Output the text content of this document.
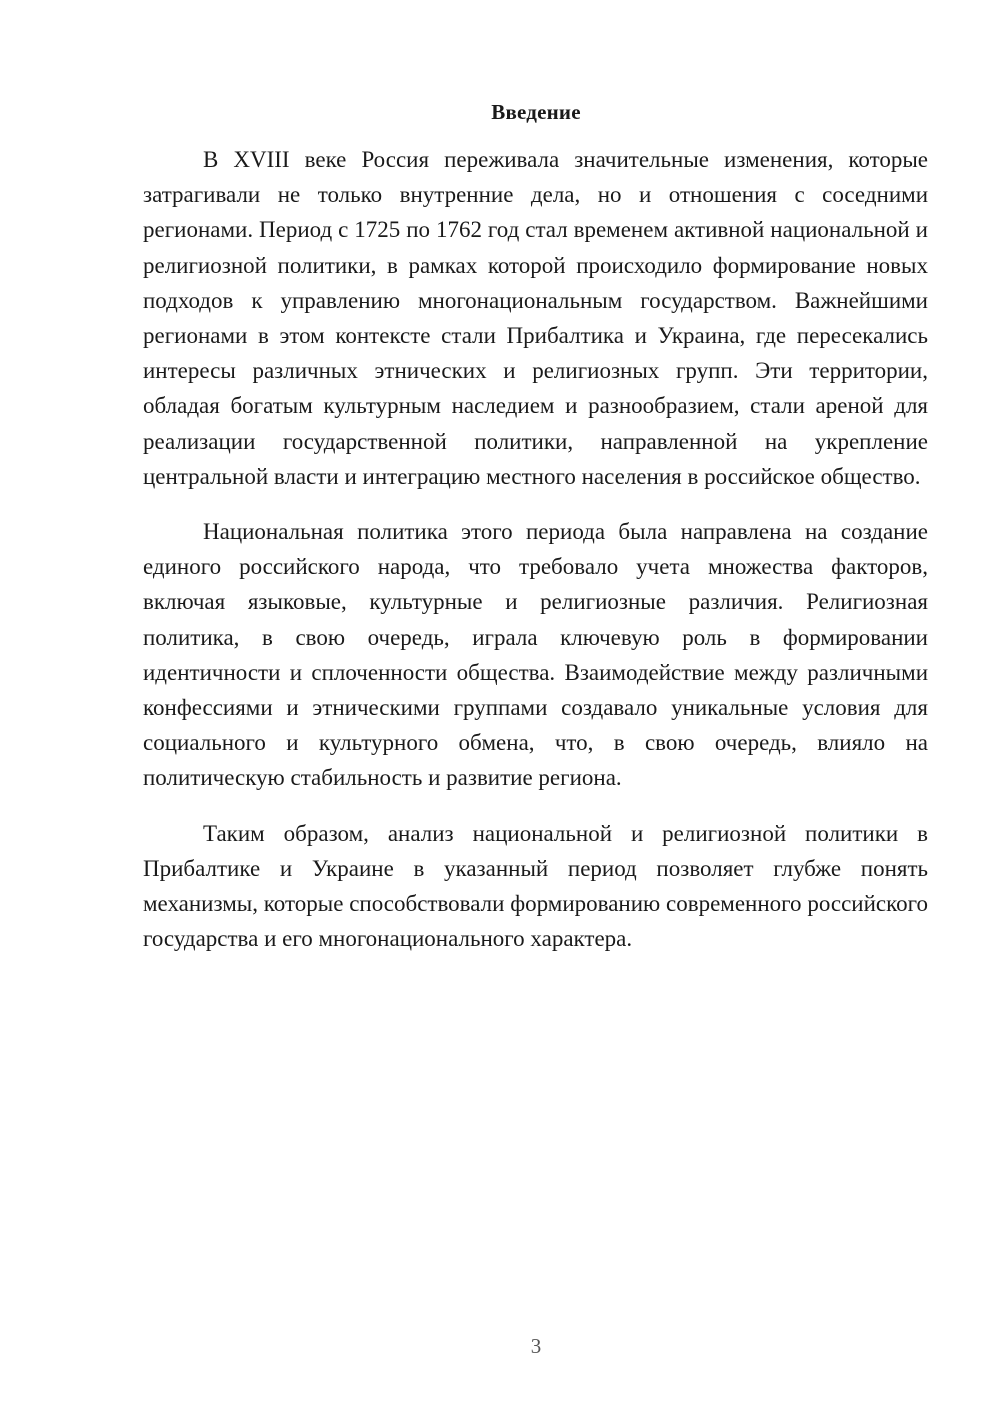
Введение

В XVIII веке Россия переживала значительные изменения, которые затрагивали не только внутренние дела, но и отношения с соседними регионами. Период с 1725 по 1762 год стал временем активной национальной и религиозной политики, в рамках которой происходило формирование новых подходов к управлению многонациональным государством. Важнейшими регионами в этом контексте стали Прибалтика и Украина, где пересекались интересы различных этнических и религиозных групп. Эти территории, обладая богатым культурным наследием и разнообразием, стали ареной для реализации государственной политики, направленной на укрепление центральной власти и интеграцию местного населения в российское общество.

Национальная политика этого периода была направлена на создание единого российского народа, что требовало учета множества факторов, включая языковые, культурные и религиозные различия. Религиозная политика, в свою очередь, играла ключевую роль в формировании идентичности и сплоченности общества. Взаимодействие между различными конфессиями и этническими группами создавало уникальные условия для социального и культурного обмена, что, в свою очередь, влияло на политическую стабильность и развитие региона.

Таким образом, анализ национальной и религиозной политики в Прибалтике и Украине в указанный период позволяет глубже понять механизмы, которые способствовали формированию современного российского государства и его многонационального характера.

3
